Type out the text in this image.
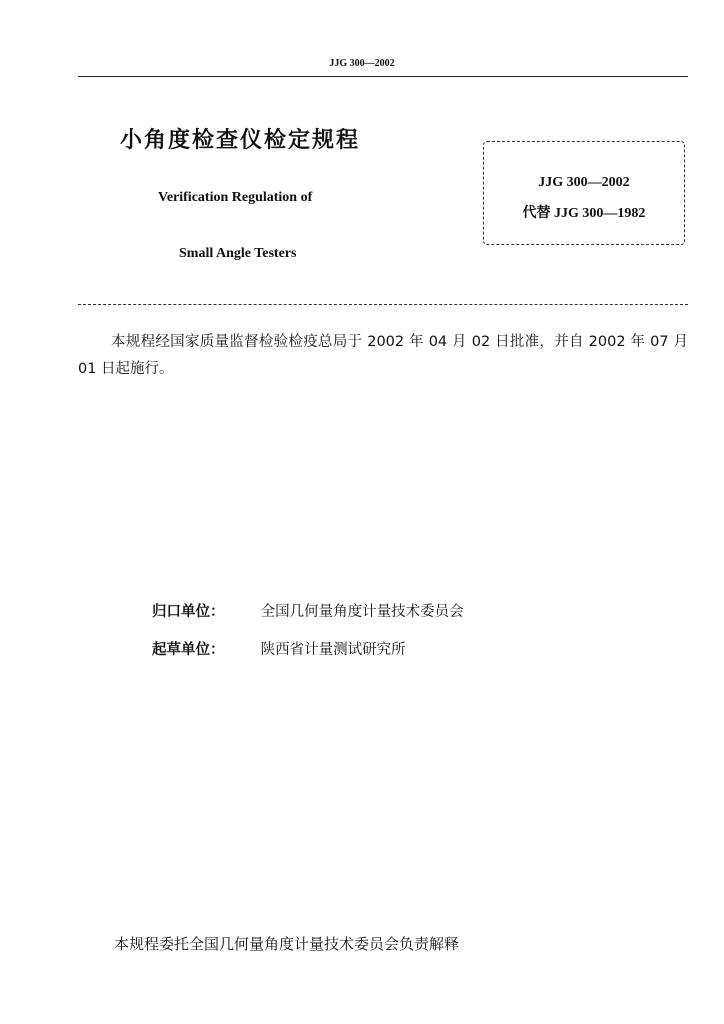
JJG 300—2002
小角度检查仪检定规程
Verification Regulation of
Small Angle Testers
JJG 300—2002
代替 JJG 300—1982
本规程经国家质量监督检验检疫总局于 2002 年 04 月 02 日批准，并自 2002 年 07 月 01 日起施行。
归口单位： 全国几何量角度计量技术委员会
起草单位： 陕西省计量测试研究所
本规程委托全国几何量角度计量技术委员会负责解释
